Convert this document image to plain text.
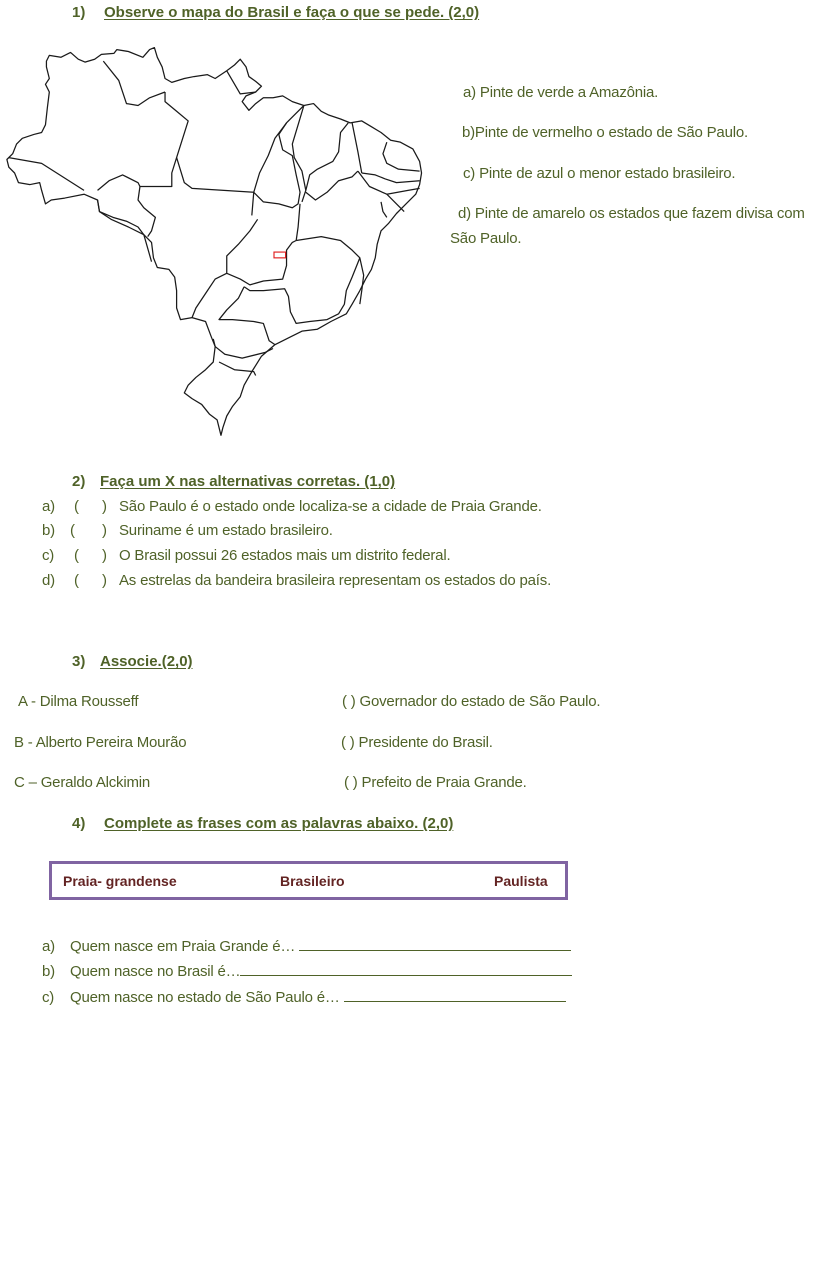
1) Observe o mapa do Brasil e faça o que se pede. (2,0)
a) Pinte de verde a Amazônia.
b)Pinte de vermelho o estado de São Paulo.
c) Pinte de azul o menor estado brasileiro.
d) Pinte de amarelo os estados que fazem divisa com
São Paulo.
2) Faça um X nas alternativas corretas. (1,0)
a) ( ) São Paulo é o estado onde localiza-se a cidade de Praia Grande.
b) ( ) Suriname é um estado brasileiro.
c) ( ) O Brasil possui 26 estados mais um distrito federal.
d) ( ) As estrelas da bandeira brasileira representam os estados do país.
3) Associe.(2,0)
A - Dilma Rousseff
B - Alberto Pereira Mourão
C – Geraldo Alckimin
( ) Governador do estado de São Paulo.
( ) Presidente do Brasil.
( ) Prefeito de Praia Grande.
4) Complete as frases com as palavras abaixo. (2,0)
Praia- grandense	Brasileiro	Paulista
a) Quem nasce em Praia Grande é…
b) Quem nasce no Brasil é…
c) Quem nasce no estado de São Paulo é…
